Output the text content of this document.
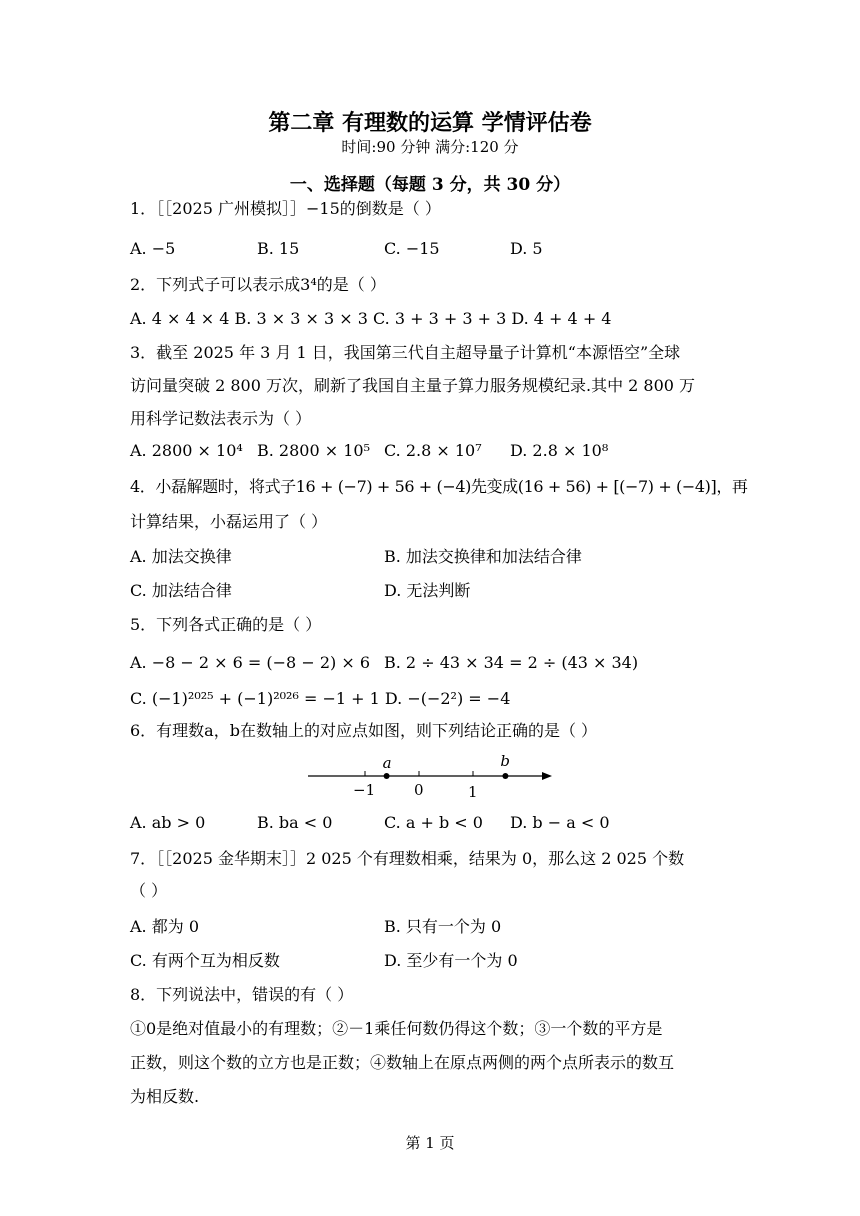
第二章 有理数的运算 学情评估卷
时间:90 分钟 满分:120 分
一、选择题（每题 3 分，共 30 分）
1．［［2025 广州模拟］］−15的倒数是（ ）
A. −5	B. 15	C. −15	D. 5
2．下列式子可以表示成3⁴的是（ ）
A. 4 × 4 × 4 B. 3 × 3 × 3 × 3 C. 3 + 3 + 3 + 3 D. 4 + 4 + 4
3．截至 2025 年 3 月 1 日，我国第三代自主超导量子计算机“本源悟空”全球
访问量突破 2 800 万次，刷新了我国自主量子算力服务规模纪录.其中 2 800 万
用科学记数法表示为（ ）
A. 2800 × 10⁴ B. 2800 × 10⁵ C. 2.8 × 10⁷ D. 2.8 × 10⁸
4．小磊解题时，将式子16 + (−7) + 56 + (−4)先变成(16 + 56) + [(−7) + (−4)]，再
计算结果，小磊运用了（ ）
A. 加法交换律	B. 加法交换律和加法结合律
C. 加法结合律	D. 无法判断
5．下列各式正确的是（ ）
A. −8 − 2 × 6 = (−8 − 2) × 6 B. 2 ÷ 43 × 34 = 2 ÷ (43 × 34)
C. (−1)²⁰²⁵ + (−1)²⁰²⁶ = −1 + 1 D. −(−2²) = −4
6．有理数a，b在数轴上的对应点如图，则下列结论正确的是（ ）
a	b
−1	0	1
A. ab > 0	B. ba < 0	C. a + b < 0 D. b − a < 0
7．［［2025 金华期末］］2 025 个有理数相乘，结果为 0，那么这 2 025 个数
（ ）
A. 都为 0	B. 只有一个为 0
C. 有两个互为相反数	D. 至少有一个为 0
8．下列说法中，错误的有（ ）
①0是绝对值最小的有理数；②－1乘任何数仍得这个数；③一个数的平方是
正数，则这个数的立方也是正数；④数轴上在原点两侧的两个点所表示的数互
为相反数.
第 1 页
